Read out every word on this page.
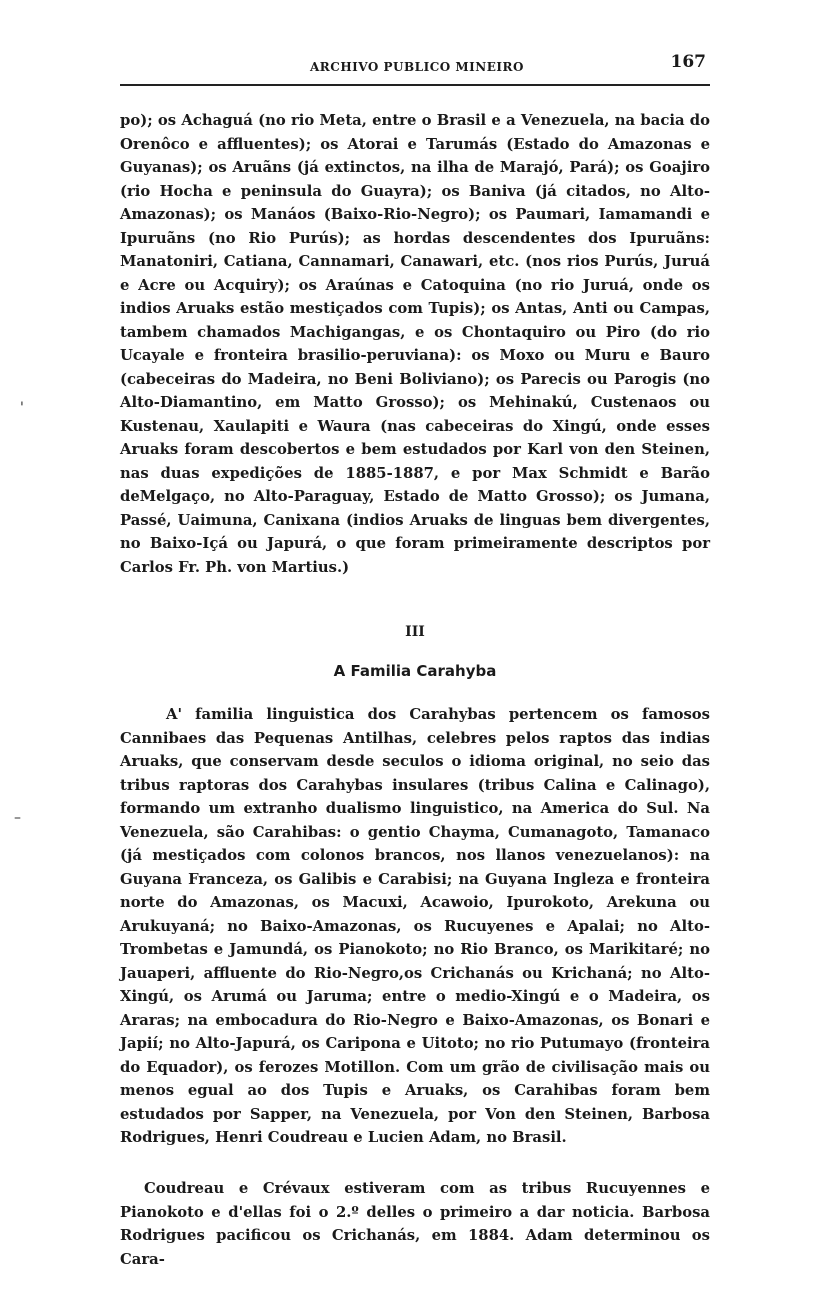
ARCHIVO PUBLICO MINEIRO	167

po); os Achaguá (no rio Meta, entre o Brasil e a Venezuela, na bacia do Orenôco e affluentes); os Atorai e Tarumás (Estado do Amazonas e Guyanas); os Aruãns (já extinctos, na ilha de Marajó, Pará); os Goajiro (rio Hocha e peninsula do Guayra); os Baniva (já citados, no Alto-Amazonas); os Manáos (Baixo-Rio-Negro); os Paumari, Iamamandi e Ipuruãns (no Rio Purús); as hordas descendentes dos Ipuruãns: Manatoniri, Catiana, Cannamari, Canawari, etc. (nos rios Purús, Juruá e Acre ou Acquiry); os Araúnas e Catoquina (no rio Juruá, onde os indios Aruaks estão mestiçados com Tupis); os Antas, Anti ou Campas, tambem chamados Machigangas, e os Chontaquiro ou Piro (do rio Ucayale e fronteira brasilio-peruviana): os Moxo ou Muru e Bauro (cabeceiras do Madeira, no Beni Boliviano); os Parecis ou Parogis (no Alto-Diamantino, em Matto Grosso); os Mehinakú, Custenaos ou Kustenau, Xaulapiti e Waura (nas cabeceiras do Xingú, onde esses Aruaks foram descobertos e bem estudados por Karl von den Steinen, nas duas expedições de 1885-1887, e por Max Schmidt e Barão deMelgaço, no Alto-Paraguay, Estado de Matto Grosso); os Jumana, Passé, Uaimuna, Canixana (indios Aruaks de linguas bem divergentes, no Baixo-Içá ou Japurá, o que foram primeiramente descriptos por Carlos Fr. Ph. von Martius.)

III
A Familia Carahyba

A' familia linguistica dos Carahybas pertencem os famosos Cannibaes das Pequenas Antilhas, celebres pelos raptos das indias Aruaks, que conservam desde seculos o idioma original, no seio das tribus raptoras dos Carahybas insulares (tribus Calina e Calinago), formando um extranho dualismo linguistico, na America do Sul. Na Venezuela, são Carahibas: o gentio Chayma, Cumanagoto, Tamanaco (já mestiçados com colonos brancos, nos llanos venezuelanos): na Guyana Franceza, os Galibis e Carabisi; na Guyana Ingleza e fronteira norte do Amazonas, os Macuxi, Acawoio, Ipurokoto, Arekuna ou Arukuyaná; no Baixo-Amazonas, os Rucuyenes e Apalai; no Alto-Trombetas e Jamundá, os Pianokoto; no Rio Branco, os Marikitaré; no Jauaperi, affluente do Rio-Negro,os Crichanás ou Krichaná; no Alto-Xingú, os Arumá ou Jaruma; entre o medio-Xingú e o Madeira, os Araras; na embocadura do Rio-Negro e Baixo-Amazonas, os Bonari e Japií; no Alto-Japurá, os Caripona e Uitoto; no rio Putumayo (fronteira do Equador), os ferozes Motillon. Com um grão de civilisação mais ou menos egual ao dos Tupis e Aruaks, os Carahibas foram bem estudados por Sapper, na Venezuela, por Von den Steinen, Barbosa Rodrigues, Henri Coudreau e Lucien Adam, no Brasil.

Coudreau e Crévaux estiveram com as tribus Rucuyennes e Pianokoto e d'ellas foi o 2.º delles o primeiro a dar noticia. Barbosa Rodrigues pacificou os Crichanás, em 1884. Adam determinou os Cara-

'
–
